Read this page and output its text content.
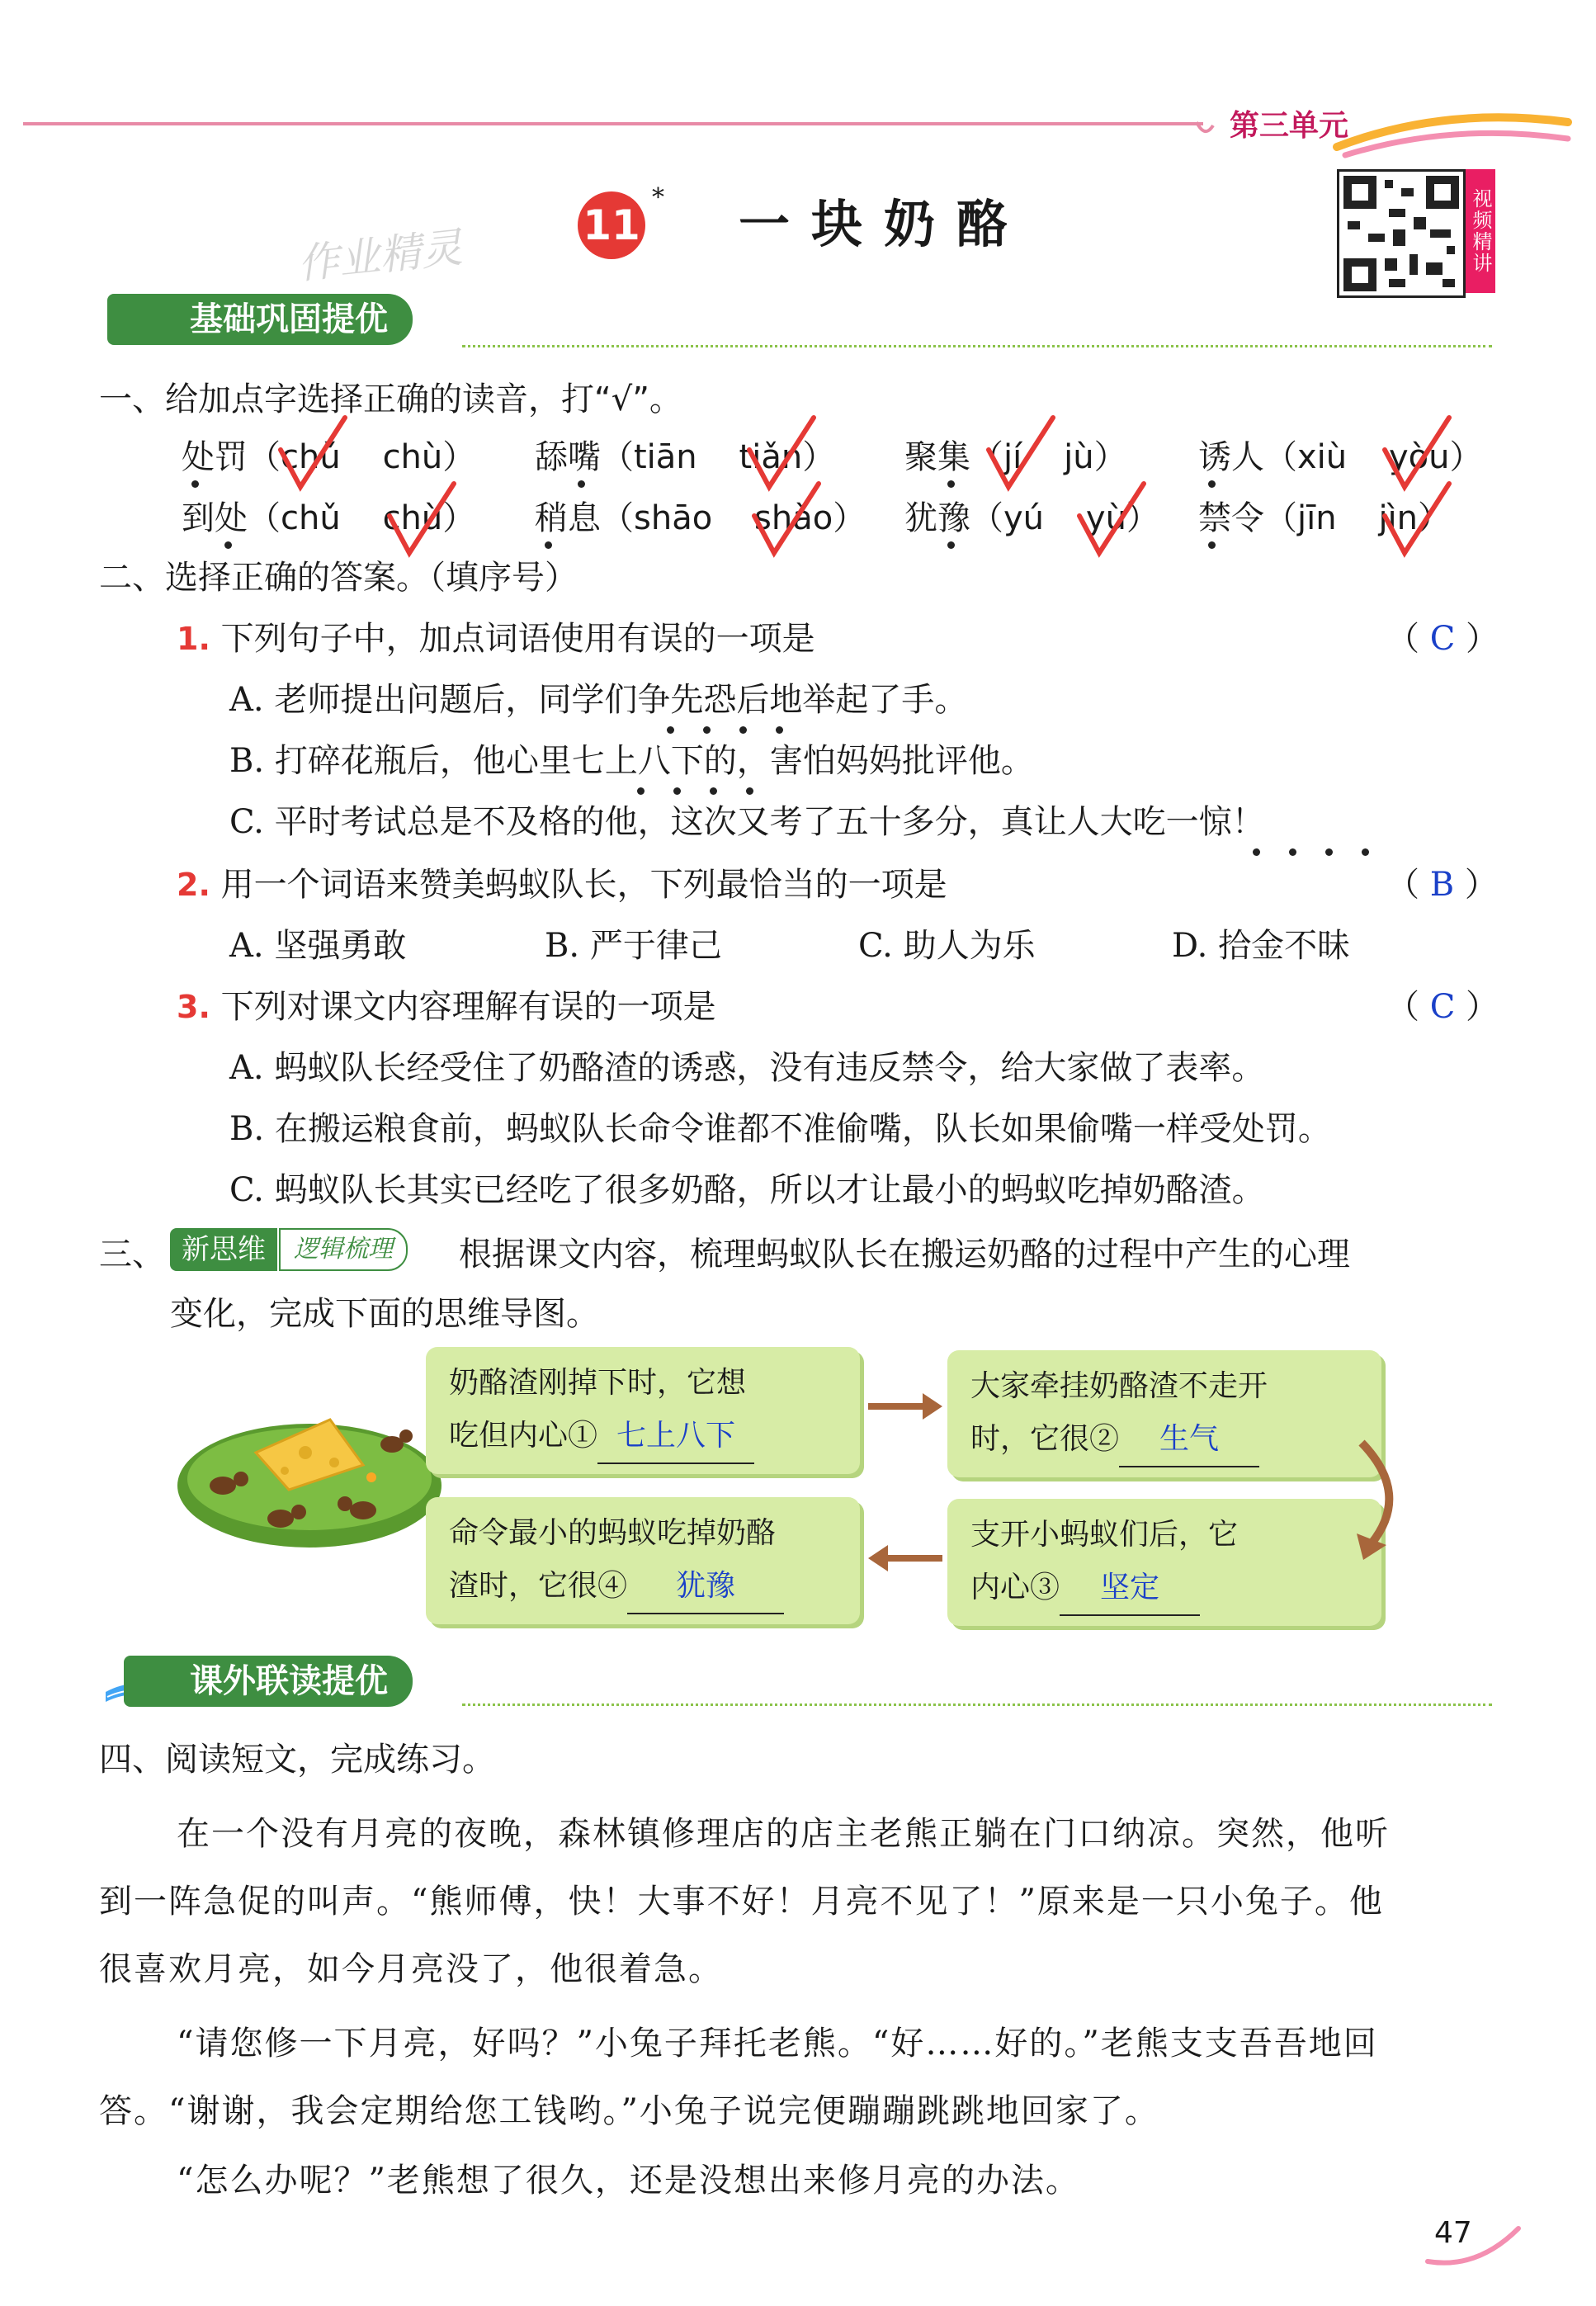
第三单元
11
* 一块奶酪
作业精灵	视频精讲
基础巩固提优
一、给加点字选择正确的读音，打“√”。
处罚（chǔ chù） 舔嘴（tiān tiǎn） 聚集（jí jù） 诱人（xiù yòu）
到处（chǔ chù） 稍息（shāo shào） 犹豫（yú yù） 禁令（jīn jìn）
二、选择正确的答案。（填序号）
1. 下列句子中，加点词语使用有误的一项是	（ C ）
A. 老师提出问题后，同学们争先恐后地举起了手。
B. 打碎花瓶后，他心里七上八下的，害怕妈妈批评他。
C. 平时考试总是不及格的他，这次又考了五十多分，真让人大吃一惊！
2. 用一个词语来赞美蚂蚁队长，下列最恰当的一项是	（ B ）
A. 坚强勇敢	B. 严于律己	C. 助人为乐	D. 拾金不昧
3. 下列对课文内容理解有误的一项是	（ C ）
A. 蚂蚁队长经受住了奶酪渣的诱惑，没有违反禁令，给大家做了表率。
B. 在搬运粮食前，蚂蚁队长命令谁都不准偷嘴，队长如果偷嘴一样受处罚。
C. 蚂蚁队长其实已经吃了很多奶酪，所以才让最小的蚂蚁吃掉奶酪渣。
三、 新思维	逻辑梳理	根据课文内容，梳理蚂蚁队长在搬运奶酪的过程中产生的心理
变化，完成下面的思维导图。
奶酪渣刚掉下时，它想
吃但内心① 七上八下
大家牵挂奶酪渣不走开
时，它很② 生气
支开小蚂蚁们后，它
内心③ 坚定
命令最小的蚂蚁吃掉奶酪
渣时，它很④ 犹豫
课外联读提优
四、阅读短文，完成练习。
在一个没有月亮的夜晚，森林镇修理店的店主老熊正躺在门口纳凉。突然，他听
到一阵急促的叫声。“熊师傅，快！大事不好！月亮不见了！”原来是一只小兔子。他
很喜欢月亮，如今月亮没了，他很着急。
“请您修一下月亮，好吗？”小兔子拜托老熊。“好……好的。”老熊支支吾吾地回
答。“谢谢，我会定期给您工钱哟。”小兔子说完便蹦蹦跳跳地回家了。
“怎么办呢？”老熊想了很久，还是没想出来修月亮的办法。
47
